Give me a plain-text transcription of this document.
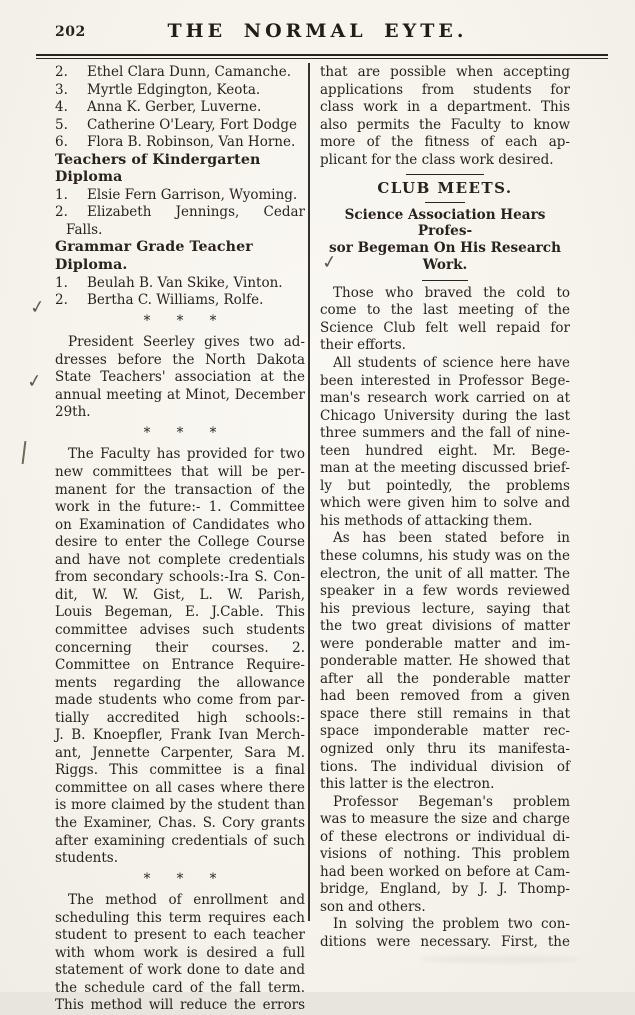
202	THE NORMAL EYTE.
2. Ethel Clara Dunn, Camanche.
3. Myrtle Edgington, Keota.
4. Anna K. Gerber, Luverne.
5. Catherine O'Leary, Fort Dodge
6. Flora B. Robinson, Van Horne.
Teachers of Kindergarten Diploma
1. Elsie Fern Garrison, Wyoming.
2. Elizabeth Jennings, Cedar
Falls.
Grammar Grade Teacher Diploma.
1. Beulah B. Van Skike, Vinton.
2. Bertha C. Williams, Rolfe.
* * *
President Seerley gives two ad-
dresses before the North Dakota
State Teachers' association at the
annual meeting at Minot, December
29th.
* * *
The Faculty has provided for two
new committees that will be per-
manent for the transaction of the
work in the future:- 1. Committee
on Examination of Candidates who
desire to enter the College Course
and have not complete credentials
from secondary schools:-Ira S. Con-
dit, W. W. Gist, L. W. Parish,
Louis Begeman, E. J.Cable. This
committee advises such students
concerning their courses. 2.
Committee on Entrance Require-
ments regarding the allowance
made students who come from par-
tially accredited high schools:-
J. B. Knoepfler, Frank Ivan Merch-
ant, Jennette Carpenter, Sara M.
Riggs. This committee is a final
committee on all cases where there
is more claimed by the student than
the Examiner, Chas. S. Cory grants
after examining credentials of such
students.
* * *
The method of enrollment and
scheduling this term requires each
student to present to each teacher
with whom work is desired a full
statement of work done to date and
the schedule card of the fall term.
This method will reduce the errors
that are possible when accepting
applications from students for
class work in a department. This
also permits the Faculty to know
more of the fitness of each ap-
plicant for the class work desired.
CLUB MEETS.
Science Association Hears Profes-
sor Begeman On His Research
Work.
Those who braved the cold to
come to the last meeting of the
Science Club felt well repaid for
their efforts.
All students of science here have
been interested in Professor Bege-
man's research work carried on at
Chicago University during the last
three summers and the fall of nine-
teen hundred eight. Mr. Bege-
man at the meeting discussed brief-
ly but pointedly, the problems
which were given him to solve and
his methods of attacking them.
As has been stated before in
these columns, his study was on the
electron, the unit of all matter. The
speaker in a few words reviewed
his previous lecture, saying that
the two great divisions of matter
were ponderable matter and im-
ponderable matter. He showed that
after all the ponderable matter
had been removed from a given
space there still remains in that
space imponderable matter rec-
ognized only thru its manifesta-
tions. The individual division of
this latter is the electron.
Professor Begeman's problem
was to measure the size and charge
of these electrons or individual di-
visions of nothing. This problem
had been worked on before at Cam-
bridge, England, by J. J. Thomp-
son and others.
In solving the problem two con-
ditions were necessary. First, the
✓
✓
✓
